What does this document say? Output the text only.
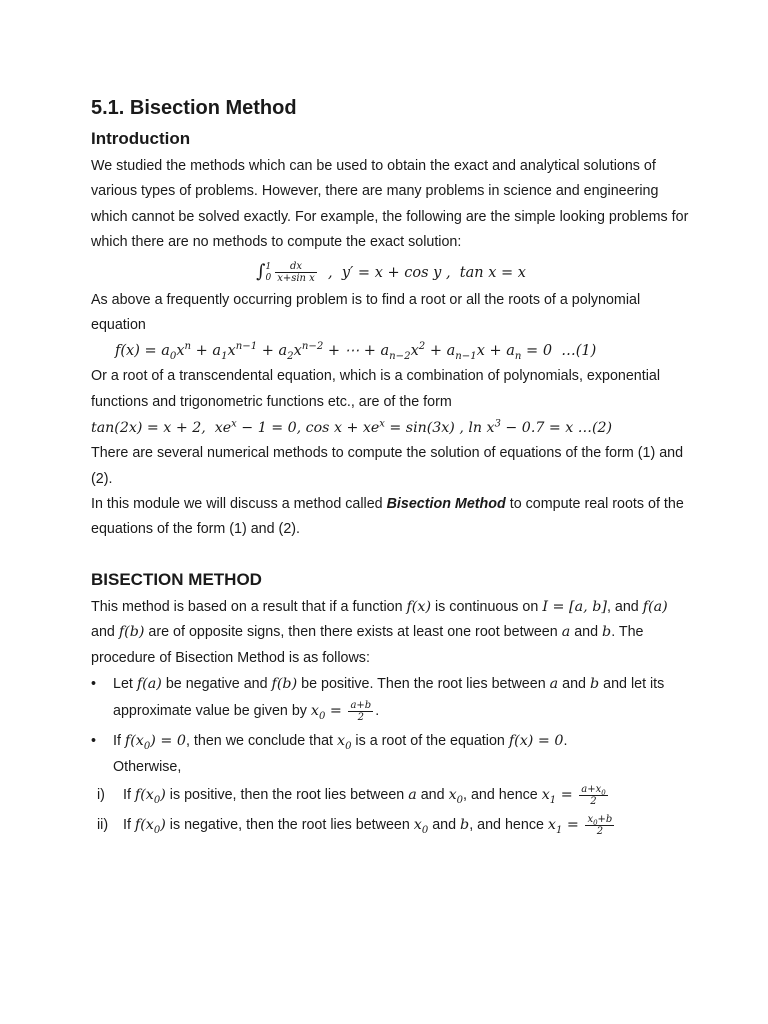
5.1. Bisection Method
Introduction

We studied the methods which can be used to obtain the exact and analytical solutions of various types of problems. However, there are many problems in science and engineering which cannot be solved exactly. For example, the following are the simple looking problems for which there are no methods to compute the exact solution:

∫ 1
$0 \frac{dx}{\text{x+sin x}}$ ,  y′ = x + cos y ,  tan x = x

As above a frequently occurring problem is to find a root or all the roots of a polynomial equation

$f(x) = a_0x^n + a_1x^{n-1} + a_2x^{n-2}$ + ⋯ + $a_{n-2}x^2 + a_{n-1}x + a_n = 0$  …(1)

Or a root of a transcendental equation, which is a combination of polynomials, exponential functions and trigonometric functions etc., are of the form

tan(2x) = x + 2,  $xe^x - 1 = 0$, $\cos x + xe^x = \sin(3x)$ , $\ln x^3 - 0.7 = x$ …(2)

There are several numerical methods to compute the solution of equations of the form (1) and (2).

In this module we will discuss a method called Bisection Method to compute real roots of the equations of the form (1) and (2).

BISECTION METHOD

This method is based on a result that if a function f(x) is continuous on I = [a, b], and f(a) and f(b) are of opposite signs, then there exists at least one root between a and b. The procedure of Bisection Method is as follows:

• Let f(a) be negative and f(b) be positive. Then the root lies between a and b and let its approximate value be given by $x_0 = \frac{a+b}{2}$ .

• If $f(x_0) = 0$, then we conclude that $x_0$ is a root of the equation f(x) = 0.
Otherwise,

i) If $f(x_0)$ is positive, then the root lies between a and $x_0$, and hence $x_1 = \frac{a+x_0}{2}$

ii) If $f(x_0)$ is negative, then the root lies between $x_0$ and b, and hence $x_1 = \frac{x_0+b}{2}$
